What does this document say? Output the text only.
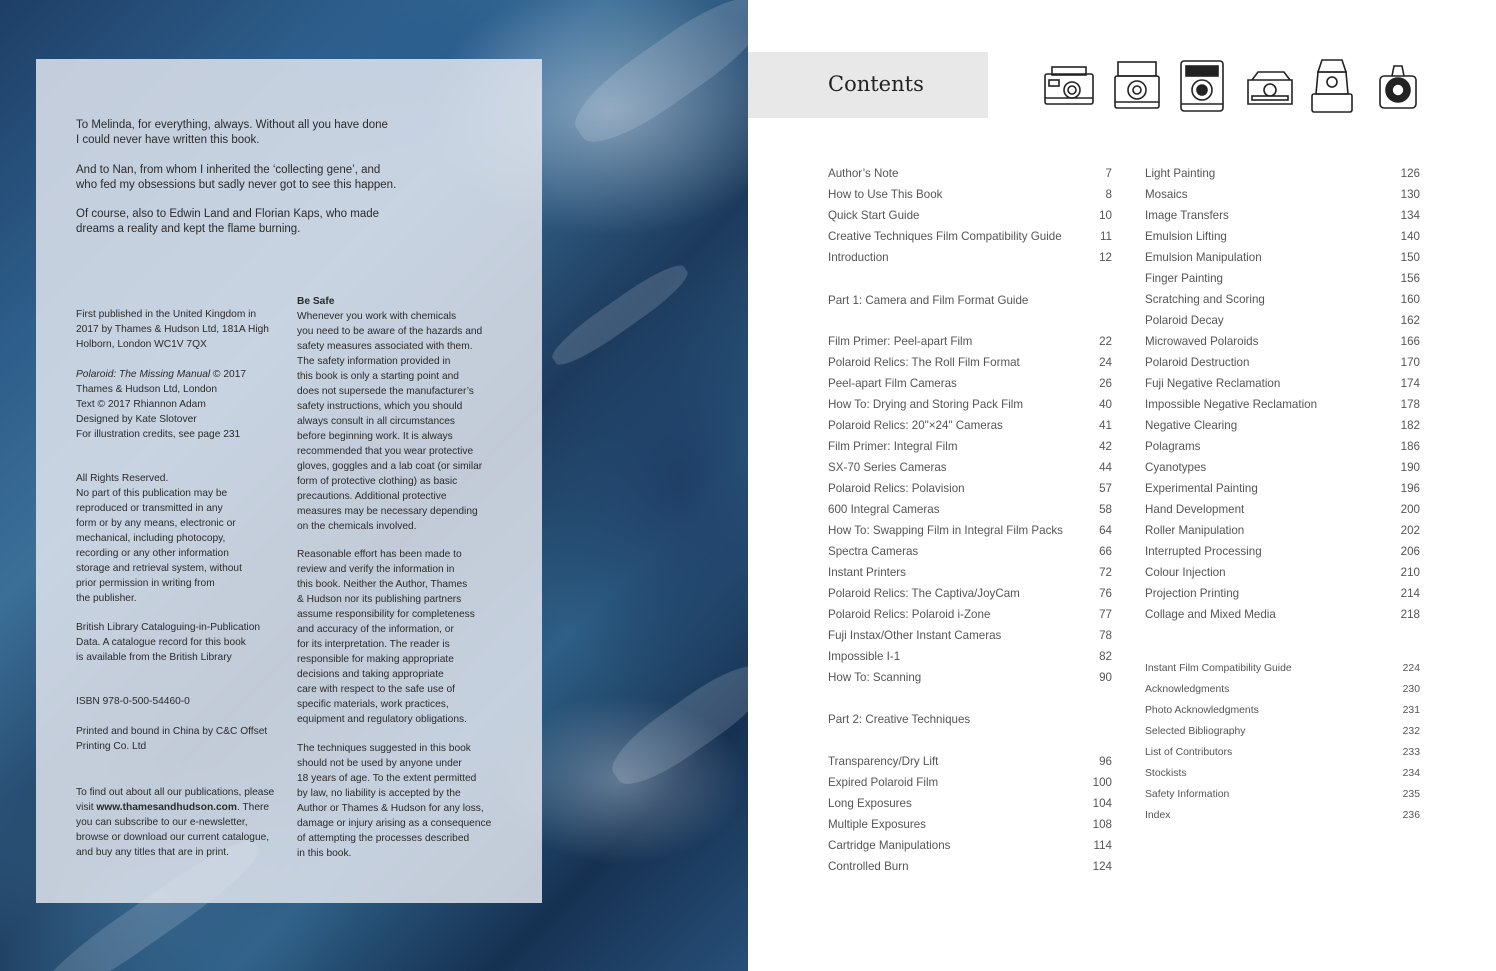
To Melinda, for everything, always. Without all you have done
I could never have written this book.
And to Nan, from whom I inherited the ‘collecting gene’, and
who fed my obsessions but sadly never got to see this happen.
Of course, also to Edwin Land and Florian Kaps, who made
dreams a reality and kept the flame burning.
First published in the United Kingdom in
2017 by Thames & Hudson Ltd, 181A High
Holborn, London WC1V 7QX
Polaroid: The Missing Manual © 2017
Thames & Hudson Ltd, London
Text © 2017 Rhiannon Adam
Designed by Kate Slotover
For illustration credits, see page 231
All Rights Reserved.
No part of this publication may be
reproduced or transmitted in any
form or by any means, electronic or
mechanical, including photocopy,
recording or any other information
storage and retrieval system, without
prior permission in writing from
the publisher.
British Library Cataloguing-in-Publication
Data. A catalogue record for this book
is available from the British Library
ISBN 978-0-500-54460-0
Printed and bound in China by C&C Offset
Printing Co. Ltd
To find out about all our publications, please
visit www.thamesandhudson.com. There
you can subscribe to our e-newsletter,
browse or download our current catalogue,
and buy any titles that are in print.
Be Safe
Whenever you work with chemicals
you need to be aware of the hazards and
safety measures associated with them.
The safety information provided in
this book is only a starting point and
does not supersede the manufacturer’s
safety instructions, which you should
always consult in all circumstances
before beginning work. It is always
recommended that you wear protective
gloves, goggles and a lab coat (or similar
form of protective clothing) as basic
precautions. Additional protective
measures may be necessary depending
on the chemicals involved.
Reasonable effort has been made to
review and verify the information in
this book. Neither the Author, Thames
& Hudson nor its publishing partners
assume responsibility for completeness
and accuracy of the information, or
for its interpretation. The reader is
responsible for making appropriate
decisions and taking appropriate
care with respect to the safe use of
specific materials, work practices,
equipment and regulatory obligations.
The techniques suggested in this book
should not be used by anyone under
18 years of age. To the extent permitted
by law, no liability is accepted by the
Author or Thames & Hudson for any loss,
damage or injury arising as a consequence
of attempting the processes described
in this book.
Contents
Author’s Note	7
How to Use This Book	8
Quick Start Guide	10
Creative Techniques Film Compatibility Guide	11
Introduction	12
Part 1: Camera and Film Format Guide
Film Primer: Peel-apart Film	22
Polaroid Relics: The Roll Film Format	24
Peel-apart Film Cameras	26
How To: Drying and Storing Pack Film	40
Polaroid Relics: 20"×24" Cameras	41
Film Primer: Integral Film	42
SX-70 Series Cameras	44
Polaroid Relics: Polavision	57
600 Integral Cameras	58
How To: Swapping Film in Integral Film Packs	64
Spectra Cameras	66
Instant Printers	72
Polaroid Relics: The Captiva/JoyCam	76
Polaroid Relics: Polaroid i-Zone	77
Fuji Instax/Other Instant Cameras	78
Impossible I-1	82
How To: Scanning	90
Part 2: Creative Techniques
Transparency/Dry Lift	96
Expired Polaroid Film	100
Long Exposures	104
Multiple Exposures	108
Cartridge Manipulations	114
Controlled Burn	124
Light Painting	126
Mosaics	130
Image Transfers	134
Emulsion Lifting	140
Emulsion Manipulation	150
Finger Painting	156
Scratching and Scoring	160
Polaroid Decay	162
Microwaved Polaroids	166
Polaroid Destruction	170
Fuji Negative Reclamation	174
Impossible Negative Reclamation	178
Negative Clearing	182
Polagrams	186
Cyanotypes	190
Experimental Painting	196
Hand Development	200
Roller Manipulation	202
Interrupted Processing	206
Colour Injection	210
Projection Printing	214
Collage and Mixed Media	218
Instant Film Compatibility Guide	224
Acknowledgments	230
Photo Acknowledgments	231
Selected Bibliography	232
List of Contributors	233
Stockists	234
Safety Information	235
Index	236
